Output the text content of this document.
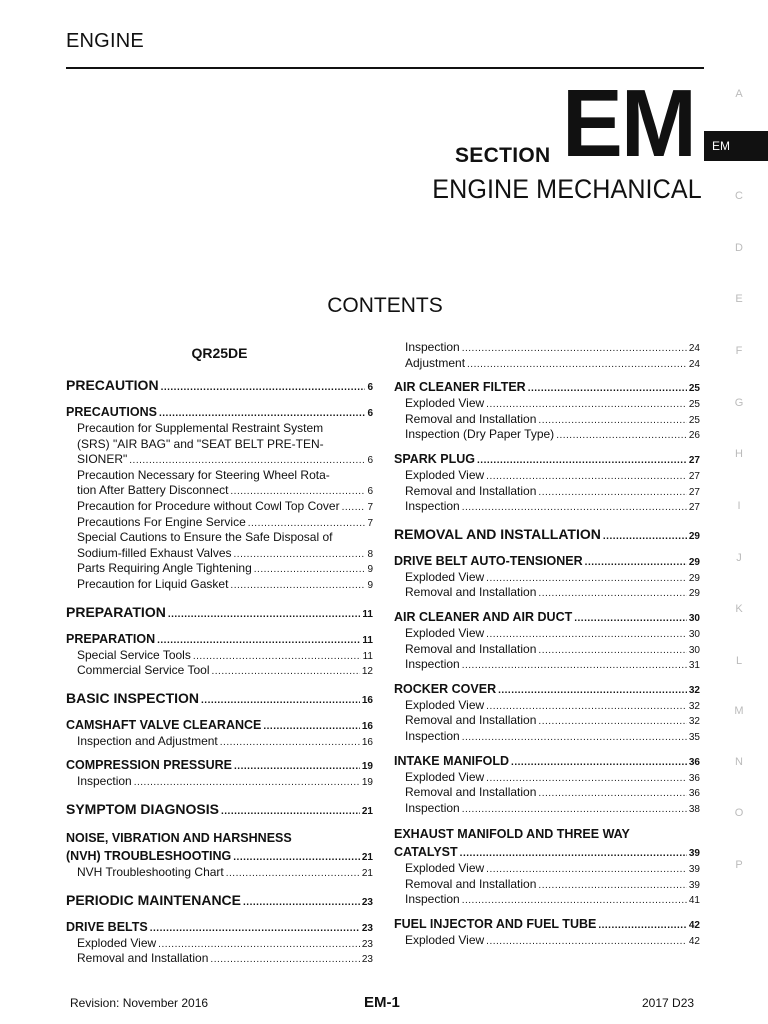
ENGINE
A
EM
C
D
E
F
G
H
I
J
K
L
M
N
O
P
SECTION EM
ENGINE MECHANICAL
CONTENTS
QR25DE
PRECAUTION .....	6
PRECAUTIONS .....	6
Precaution for Supplemental Restraint System
(SRS) "AIR BAG" and "SEAT BELT PRE-TEN-
SIONER" .....	6
Precaution Necessary for Steering Wheel Rota-
tion After Battery Disconnect .....	6
Precaution for Procedure without Cowl Top Cover .....	7
Precautions For Engine Service .....	7
Special Cautions to Ensure the Safe Disposal of
Sodium-filled Exhaust Valves .....	8
Parts Requiring Angle Tightening .....	9
Precaution for Liquid Gasket .....	9
PREPARATION .....	11
PREPARATION .....	11
Special Service Tools .....	11
Commercial Service Tool .....	12
BASIC INSPECTION .....	16
CAMSHAFT VALVE CLEARANCE .....	16
Inspection and Adjustment .....	16
COMPRESSION PRESSURE .....	19
Inspection .....	19
SYMPTOM DIAGNOSIS .....	21
NOISE, VIBRATION AND HARSHNESS
(NVH) TROUBLESHOOTING .....	21
NVH Troubleshooting Chart .....	21
PERIODIC MAINTENANCE .....	23
DRIVE BELTS .....	23
Exploded View .....	23
Removal and Installation .....	23
Inspection .....	24
Adjustment .....	24
AIR CLEANER FILTER .....	25
Exploded View .....	25
Removal and Installation .....	25
Inspection (Dry Paper Type) .....	26
SPARK PLUG .....	27
Exploded View .....	27
Removal and Installation .....	27
Inspection .....	27
REMOVAL AND INSTALLATION .....	29
DRIVE BELT AUTO-TENSIONER .....	29
Exploded View .....	29
Removal and Installation .....	29
AIR CLEANER AND AIR DUCT .....	30
Exploded View .....	30
Removal and Installation .....	30
Inspection .....	31
ROCKER COVER .....	32
Exploded View .....	32
Removal and Installation .....	32
Inspection .....	35
INTAKE MANIFOLD .....	36
Exploded View .....	36
Removal and Installation .....	36
Inspection .....	38
EXHAUST MANIFOLD AND THREE WAY
CATALYST .....	39
Exploded View .....	39
Removal and Installation .....	39
Inspection .....	41
FUEL INJECTOR AND FUEL TUBE .....	42
Exploded View .....	42
Revision: November 2016	EM-1	2017 D23
